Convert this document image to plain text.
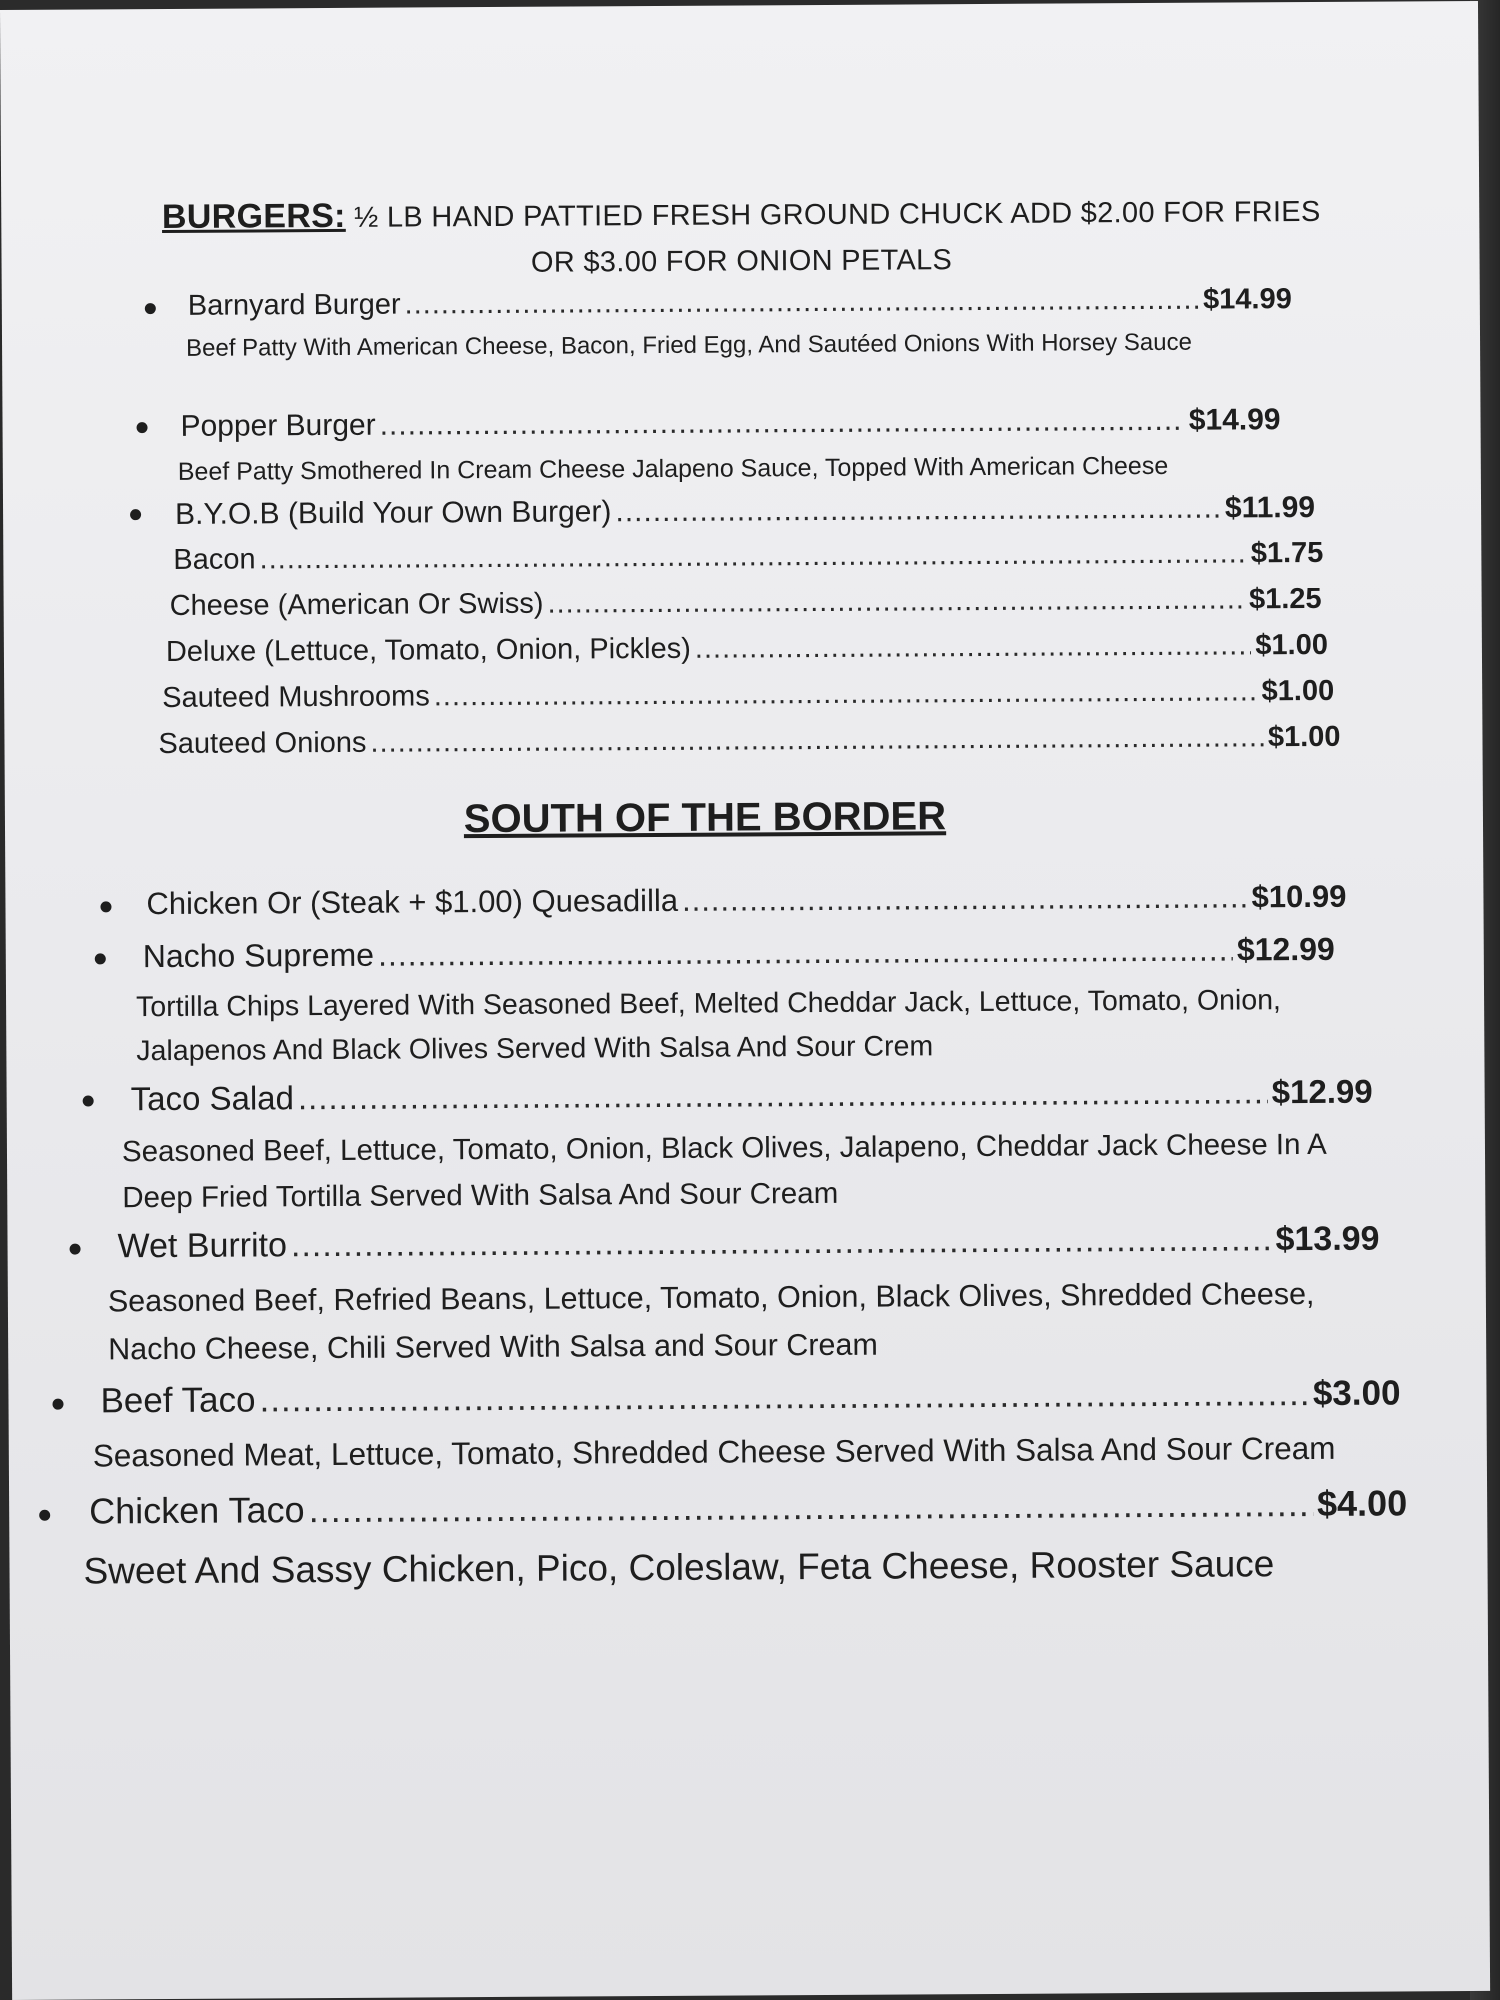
BURGERS: ½ LB HAND PATTIED FRESH GROUND CHUCK ADD $2.00 FOR FRIES OR $3.00 FOR ONION PETALS
Barnyard Burger .....	$14.99
Beef Patty With American Cheese, Bacon, Fried Egg, And Sautéed Onions With Horsey Sauce
Popper Burger .....	$14.99
Beef Patty Smothered In Cream Cheese Jalapeno Sauce, Topped With American Cheese
B.Y.O.B (Build Your Own Burger) .....	$11.99
Bacon .....	$1.75
Cheese (American Or Swiss) .....	$1.25
Deluxe (Lettuce, Tomato, Onion, Pickles) .....	$1.00
Sauteed Mushrooms .....	$1.00
Sauteed Onions .....	$1.00
SOUTH OF THE BORDER
Chicken Or (Steak + $1.00) Quesadilla .....	$10.99
Nacho Supreme .....	$12.99
Tortilla Chips Layered With Seasoned Beef, Melted Cheddar Jack, Lettuce, Tomato, Onion, Jalapenos And Black Olives Served With Salsa And Sour Crem
Taco Salad .....	$12.99
Seasoned Beef, Lettuce, Tomato, Onion, Black Olives, Jalapeno, Cheddar Jack Cheese In A Deep Fried Tortilla Served With Salsa And Sour Cream
Wet Burrito .....	$13.99
Seasoned Beef, Refried Beans, Lettuce, Tomato, Onion, Black Olives, Shredded Cheese, Nacho Cheese, Chili Served With Salsa and Sour Cream
Beef Taco .....	$3.00
Seasoned Meat, Lettuce, Tomato, Shredded Cheese Served With Salsa And Sour Cream
Chicken Taco .....	$4.00
Sweet And Sassy Chicken, Pico, Coleslaw, Feta Cheese, Rooster Sauce
